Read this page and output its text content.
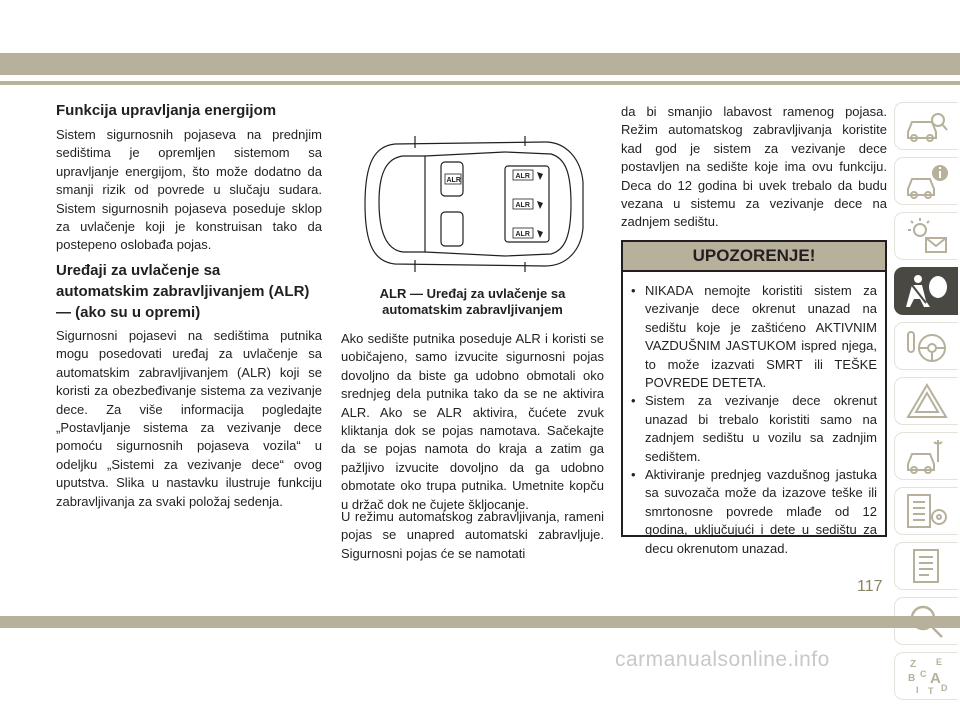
Funkcija upravljanja energijom

Sistem sigurnosnih pojaseva na prednjim sedištima je opremljen sistemom sa upravljanje energijom, što može dodatno da smanji rizik od povrede u slučaju sudara. Sistem sigurnosnih pojaseva poseduje sklop za uvlačenje koji je konstruisan tako da postepeno oslobađa pojas.

Uređaji za uvlačenje sa automatskim zabravljivanjem (ALR) — (ako su u opremi)

Sigurnosni pojasevi na sedištima putnika mogu posedovati uređaj za uvlačenje sa automatskim zabravljivanjem (ALR) koji se koristi za obezbeđivanje sistema za vezivanje dece. Za više informacija pogledajte „Postavljanje sistema za vezivanje dece pomoću sigurnosnih pojaseva vozila“ u odeljku „Sistemi za vezivanje dece“ ovog uputstva. Slika u nastavku ilustruje funkciju zabravljivanja za svaki položaj sedenja.

ALR
ALR
ALR
ALR
ALR — Uređaj za uvlačenje sa automatskim zabravljivanjem

Ako sedište putnika poseduje ALR i koristi se uobičajeno, samo izvucite sigurnosni pojas dovoljno da biste ga udobno obmotali oko srednjeg dela putnika tako da se ne aktivira ALR. Ako se ALR aktivira, čućete zvuk kliktanja dok se pojas namotava. Sačekajte da se pojas namota do kraja a zatim ga pažljivo izvucite dovoljno da ga udobno obmotate oko trupa putnika. Umetnite kopču u držač dok ne čujete škljocanje.

U režimu automatskog zabravljivanja, rameni pojas se unapred automatski zabravljuje. Sigurnosni pojas će se namotati

da bi smanjio labavost ramenog pojasa. Režim automatskog zabravljivanja koristite kad god je sistem za vezivanje dece postavljen na sedište koje ima ovu funkciju. Deca do 12 godina bi uvek trebalo da budu vezana u sistemu za vezivanje dece na zadnjem sedištu.

UPOZORENJE!
• NIKADA nemojte koristiti sistem za vezivanje dece okrenut unazad na sedištu koje je zaštićeno AKTIVNIM VAZDUŠNIM JASTUKOM ispred njega, to može izazvati SMRT ili TEŠKE POVREDE DETETA.
• Sistem za vezivanje dece okrenut unazad bi trebalo koristiti samo na zadnjem sedištu u vozilu sa zadnjim sedištem.
• Aktiviranje prednjeg vazdušnog jastuka sa suvozača može da izazove teške ili smrtonosne povrede mlađe od 12 godina, uključujući i dete u sedištu za decu okrenutom unazad.
Z E
B A
C
I T D
117
carmanualsonline.info
